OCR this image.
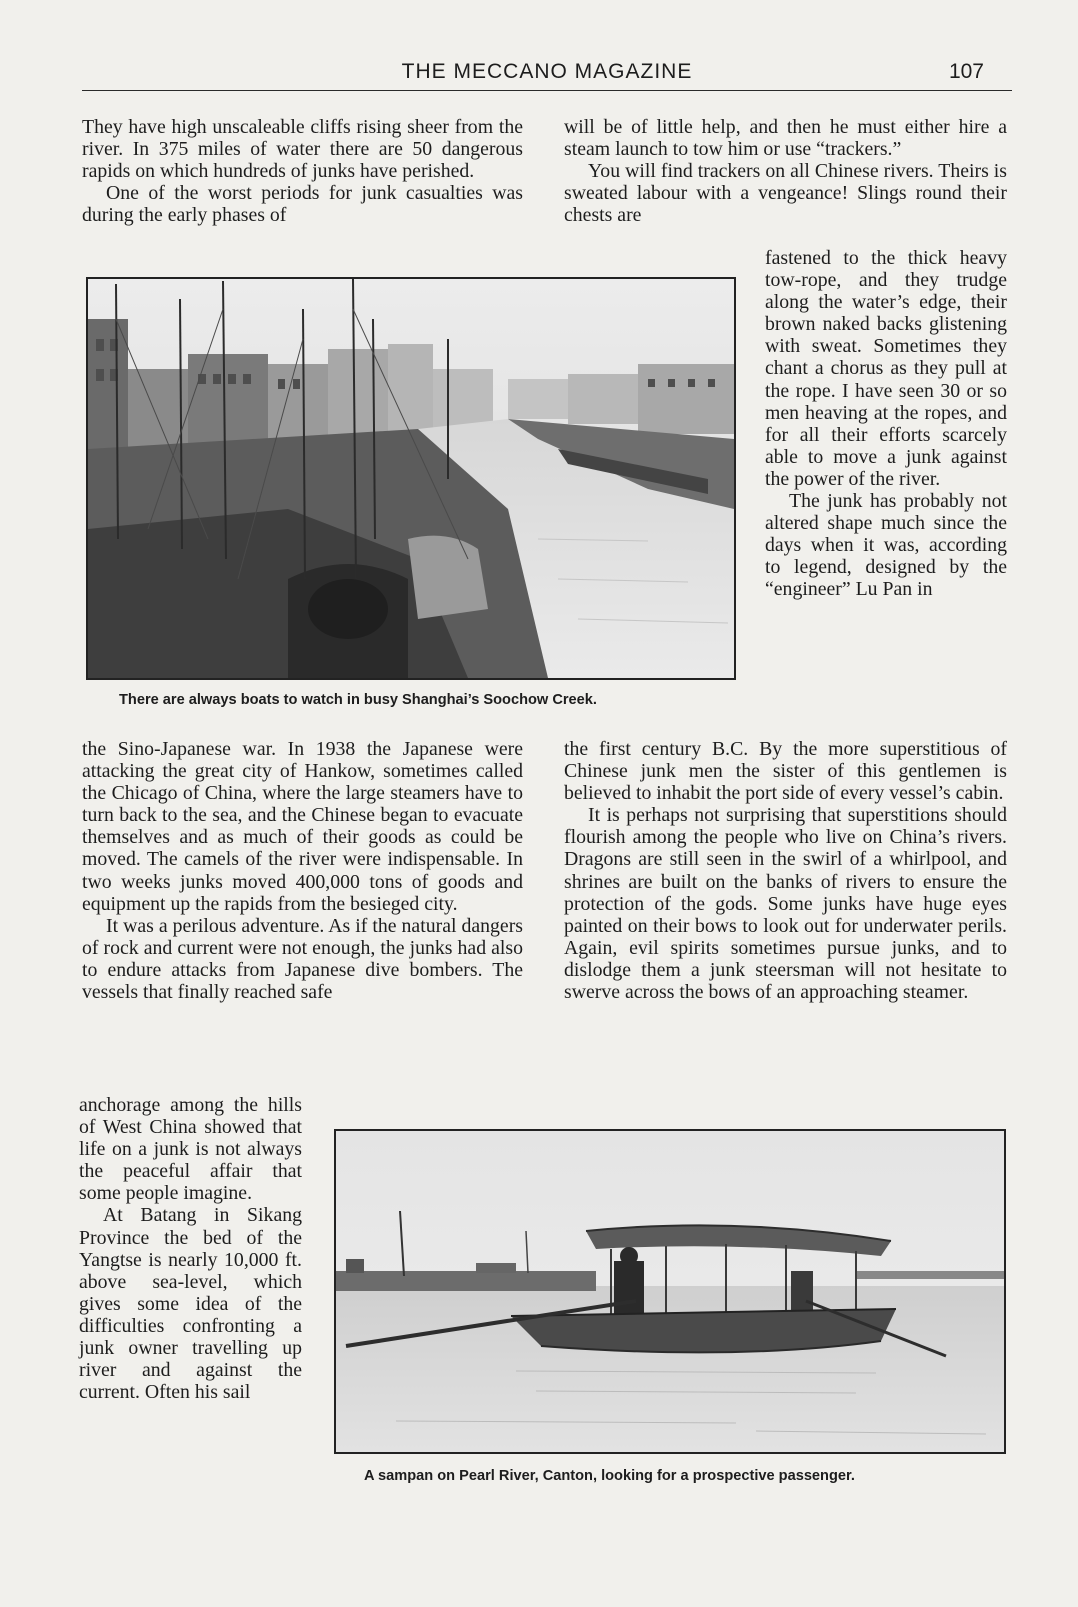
THE MECCANO MAGAZINE	107

They have high unscaleable cliffs rising sheer from the river. In 375 miles of water there are 50 dangerous rapids on which hundreds of junks have perished.
One of the worst periods for junk casualties was during the early phases of

will be of little help, and then he must either hire a steam launch to tow him or use “trackers.”
You will find trackers on all Chinese rivers. Theirs is sweated labour with a vengeance! Slings round their chests are

There are always boats to watch in busy Shanghai’s Soochow Creek.

fastened to the thick heavy tow-rope, and they trudge along the water’s edge, their brown naked backs glistening with sweat. Sometimes they chant a chorus as they pull at the rope. I have seen 30 or so men heaving at the ropes, and for all their efforts scarcely able to move a junk against the power of the river.
The junk has probably not altered shape much since the days when it was, according to legend, designed by the “engineer” Lu Pan in

the Sino-Japanese war. In 1938 the Japanese were attacking the great city of Hankow, sometimes called the Chicago of China, where the large steamers have to turn back to the sea, and the Chinese began to evacuate themselves and as much of their goods as could be moved. The camels of the river were indispensable. In two weeks junks moved 400,000 tons of goods and equipment up the rapids from the besieged city.
It was a perilous adventure. As if the natural dangers of rock and current were not enough, the junks had also to endure attacks from Japanese dive bombers. The vessels that finally reached safe

anchorage among the hills of West China showed that life on a junk is not always the peaceful affair that some people imagine.
At Batang in Sikang Province the bed of the Yangtse is nearly 10,000 ft. above sea-level, which gives some idea of the difficulties confronting a junk owner travelling up river and against the current. Often his sail

the first century B.C. By the more superstitious of Chinese junk men the sister of this gentlemen is believed to inhabit the port side of every vessel’s cabin.
It is perhaps not surprising that superstitions should flourish among the people who live on China’s rivers. Dragons are still seen in the swirl of a whirlpool, and shrines are built on the banks of rivers to ensure the protection of the gods. Some junks have huge eyes painted on their bows to look out for underwater perils. Again, evil spirits sometimes pursue junks, and to dislodge them a junk steersman will not hesitate to swerve across the bows of an approaching steamer.

A sampan on Pearl River, Canton, looking for a prospective passenger.
